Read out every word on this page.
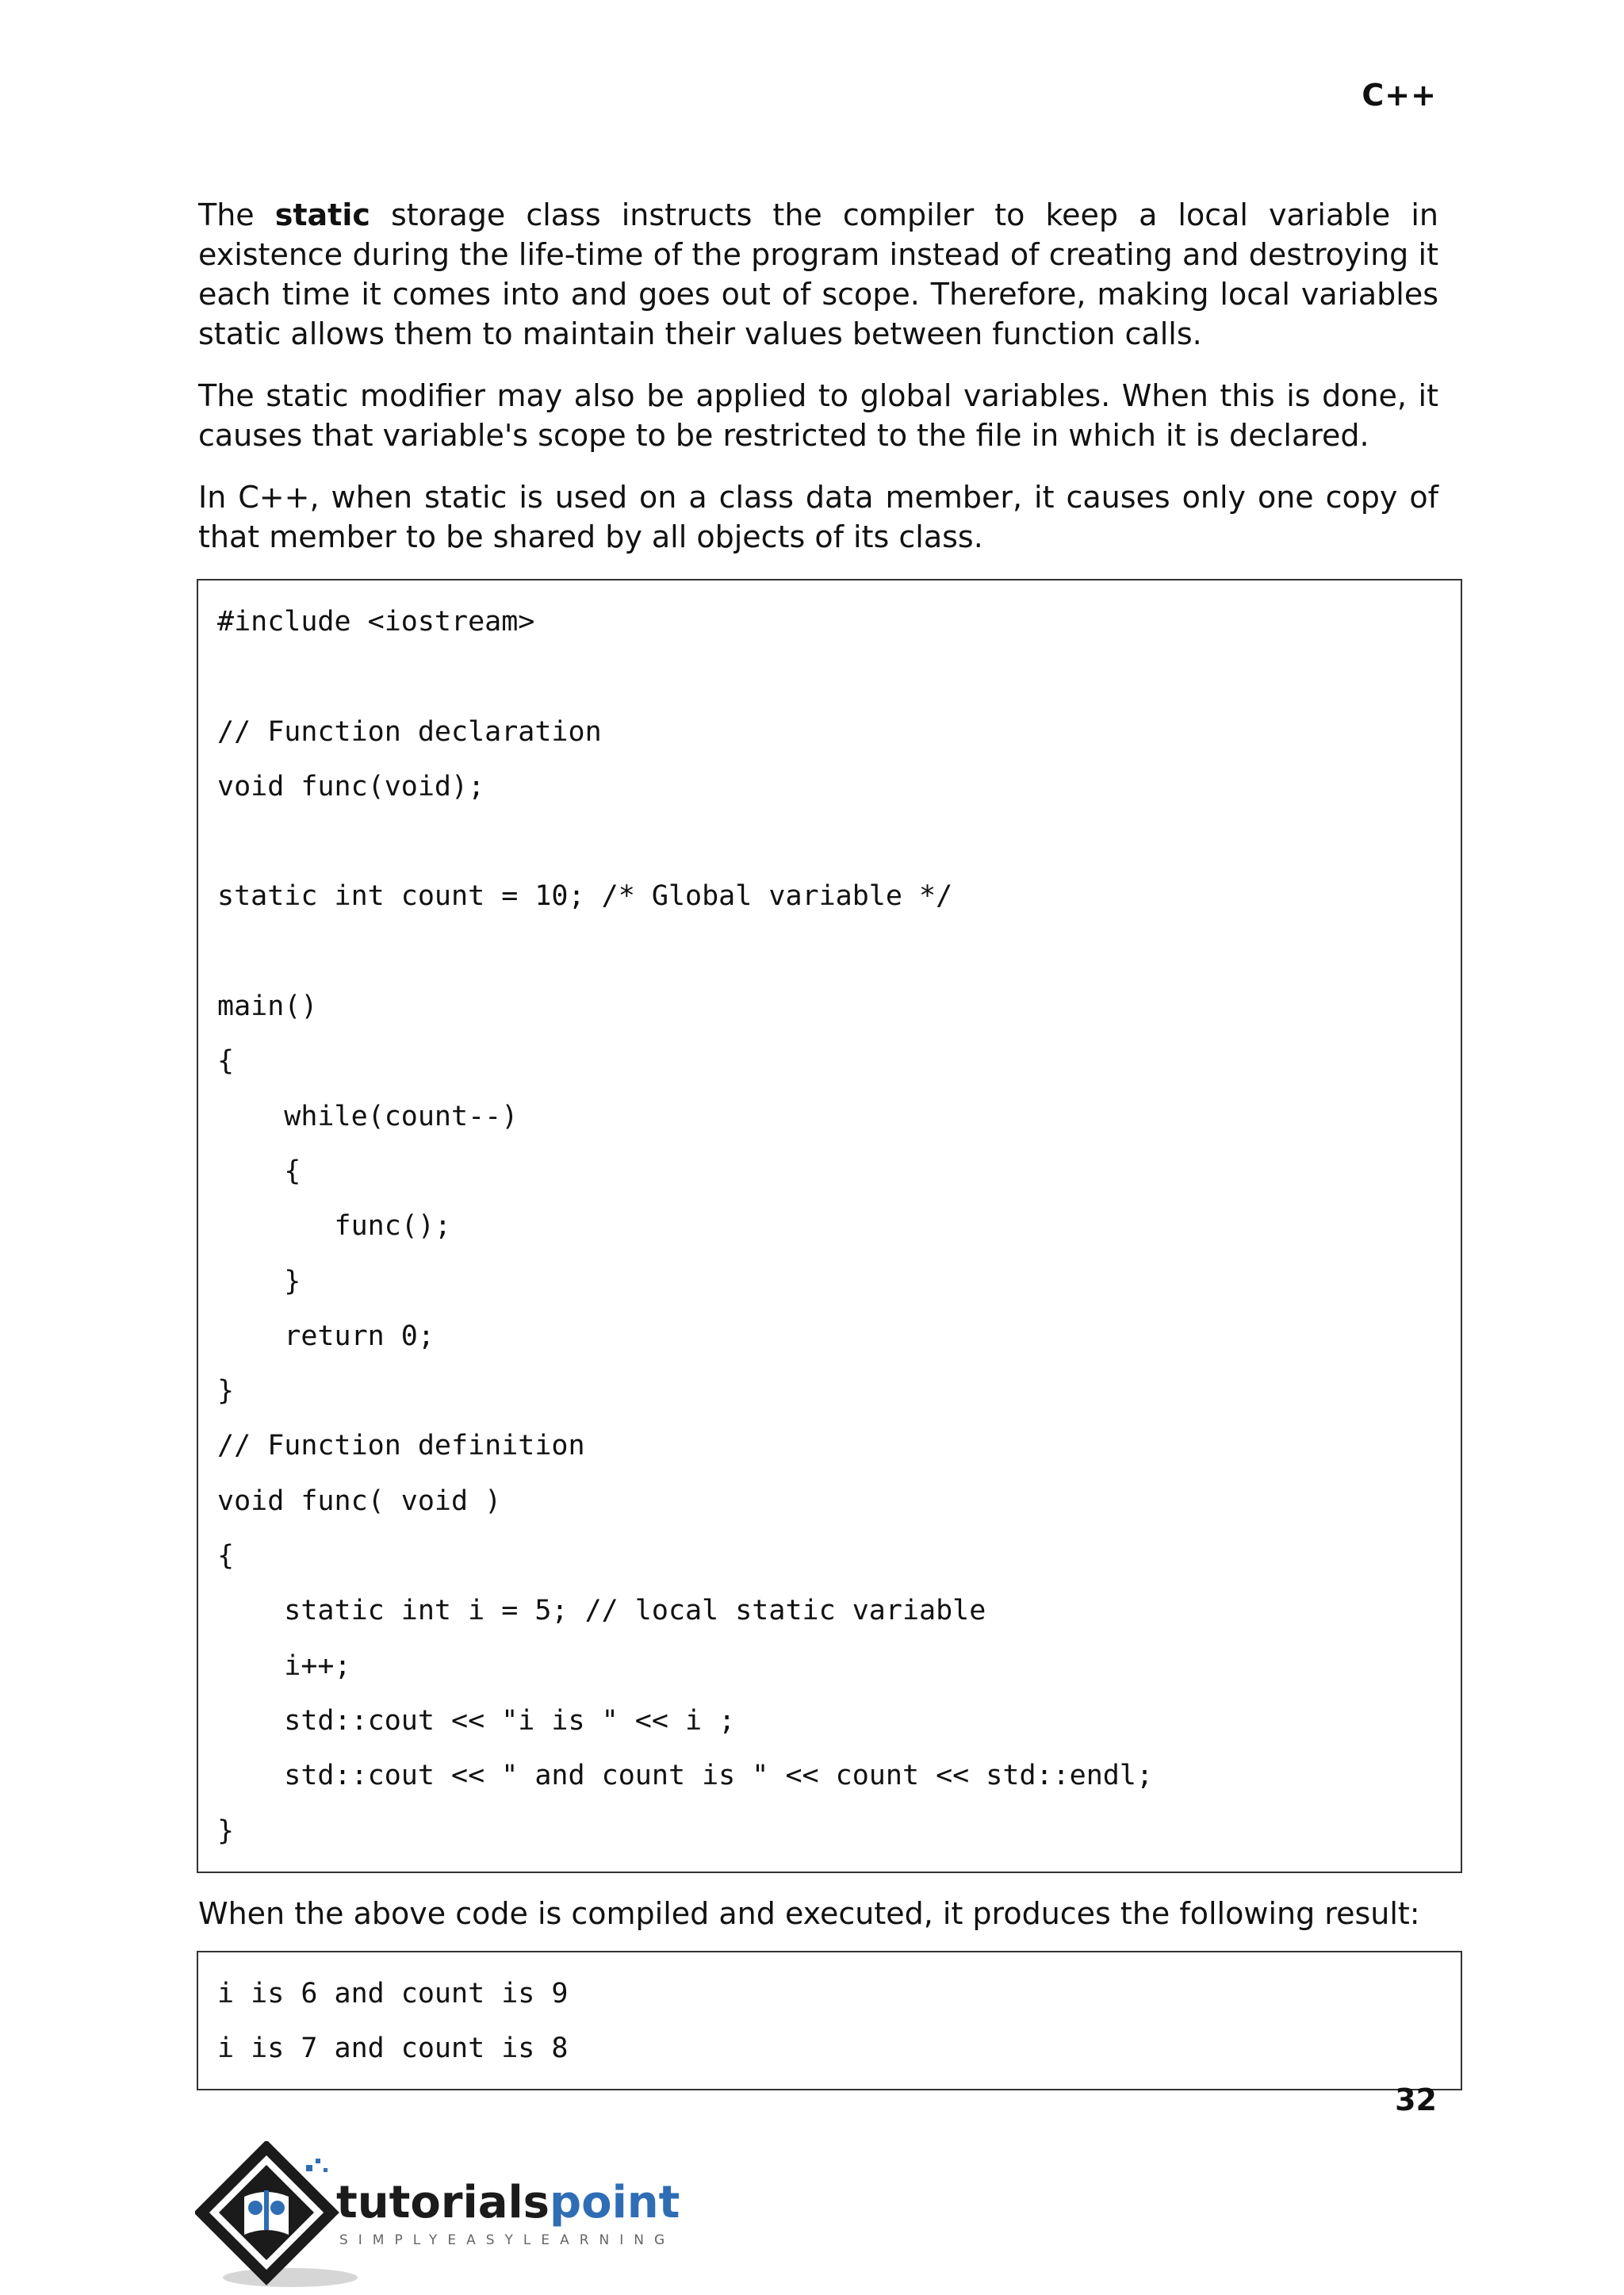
C++

The static storage class instructs the compiler to keep a local variable in existence during the life-time of the program instead of creating and destroying it each time it comes into and goes out of scope. Therefore, making local variables static allows them to maintain their values between function calls.

The static modifier may also be applied to global variables. When this is done, it causes that variable's scope to be restricted to the file in which it is declared.

In C++, when static is used on a class data member, it causes only one copy of that member to be shared by all objects of its class.

#include <iostream>
// Function declaration
void func(void);
static int count = 10; /* Global variable */
main()
{
while(count--)
{
func();
}
return 0;
}
// Function definition
void func( void )
{
static int i = 5; // local static variable
i++;
std::cout << "i is " << i ;
std::cout << " and count is " << count << std::endl;
}

When the above code is compiled and executed, it produces the following result:

i is 6 and count is 9
i is 7 and count is 8
32
tutorialspoint
SIMPLYEASYLEARNING
